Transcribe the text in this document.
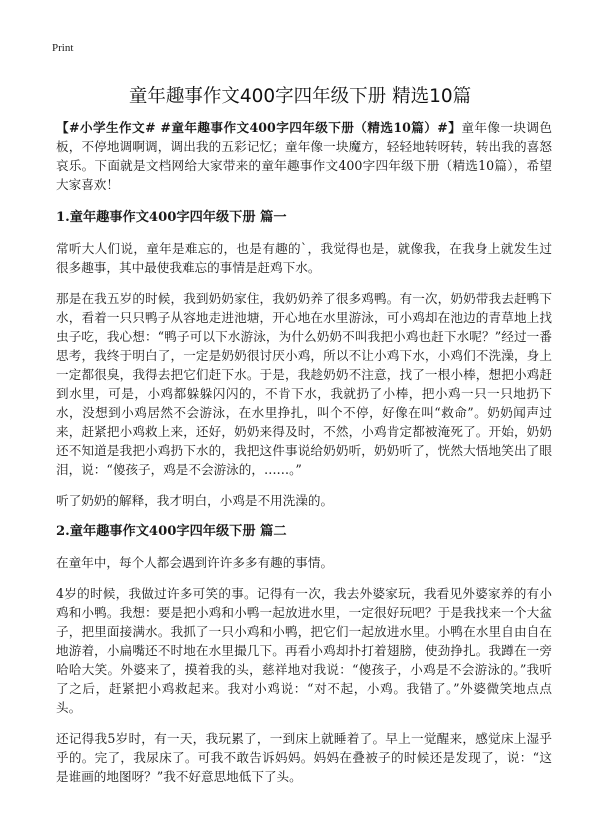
Print
童年趣事作文400字四年级下册 精选10篇

【#小学生作文# #童年趣事作文400字四年级下册（精选10篇）#】童年像一块调色板，不停地调啊调，调出我的五彩记忆；童年像一块魔方，轻轻地转呀转，转出我的喜怒哀乐。下面就是文档网给大家带来的童年趣事作文400字四年级下册（精选10篇），希望大家喜欢！

1.童年趣事作文400字四年级下册 篇一

常听大人们说，童年是难忘的，也是有趣的`，我觉得也是，就像我，在我身上就发生过很多趣事，其中最使我难忘的事情是赶鸡下水。

那是在我五岁的时候，我到奶奶家住，我奶奶养了很多鸡鸭。有一次，奶奶带我去赶鸭下水，看着一只只鸭子从容地走进池塘，开心地在水里游泳，可小鸡却在池边的青草地上找虫子吃，我心想：“鸭子可以下水游泳，为什么奶奶不叫我把小鸡也赶下水呢？”经过一番思考，我终于明白了，一定是奶奶很讨厌小鸡，所以不让小鸡下水，小鸡们不洗澡，身上一定都很臭，我得去把它们赶下水。于是，我趁奶奶不注意，找了一根小棒，想把小鸡赶到水里，可是，小鸡都躲躲闪闪的，不肯下水，我就扔了小棒，把小鸡一只一只地扔下水，没想到小鸡居然不会游泳，在水里挣扎，叫个不停，好像在叫“救命”。奶奶闻声过来，赶紧把小鸡救上来，还好，奶奶来得及时，不然，小鸡肯定都被淹死了。开始，奶奶还不知道是我把小鸡扔下水的，我把这件事说给奶奶听，奶奶听了，恍然大悟地笑出了眼泪，说：“傻孩子，鸡是不会游泳的，……。”

听了奶奶的解释，我才明白，小鸡是不用洗澡的。

2.童年趣事作文400字四年级下册 篇二

在童年中，每个人都会遇到许许多多有趣的事情。

4岁的时候，我做过许多可笑的事。记得有一次，我去外婆家玩，我看见外婆家养的有小鸡和小鸭。我想：要是把小鸡和小鸭一起放进水里，一定很好玩吧？于是我找来一个大盆子，把里面接满水。我抓了一只小鸡和小鸭，把它们一起放进水里。小鸭在水里自由自在地游着，小扁嘴还不时地在水里撮几下。再看小鸡却扑打着翅膀，使劲挣扎。我蹲在一旁哈哈大笑。外婆来了，摸着我的头，慈祥地对我说：“傻孩子，小鸡是不会游泳的。”我听了之后，赶紧把小鸡救起来。我对小鸡说：“对不起，小鸡。我错了。”外婆微笑地点点头。

还记得我5岁时，有一天，我玩累了，一到床上就睡着了。早上一觉醒来，感觉床上湿乎乎的。完了，我尿床了。可我不敢告诉妈妈。妈妈在叠被子的时候还是发现了，说：“这是谁画的地图呀？”我不好意思地低下了头。
